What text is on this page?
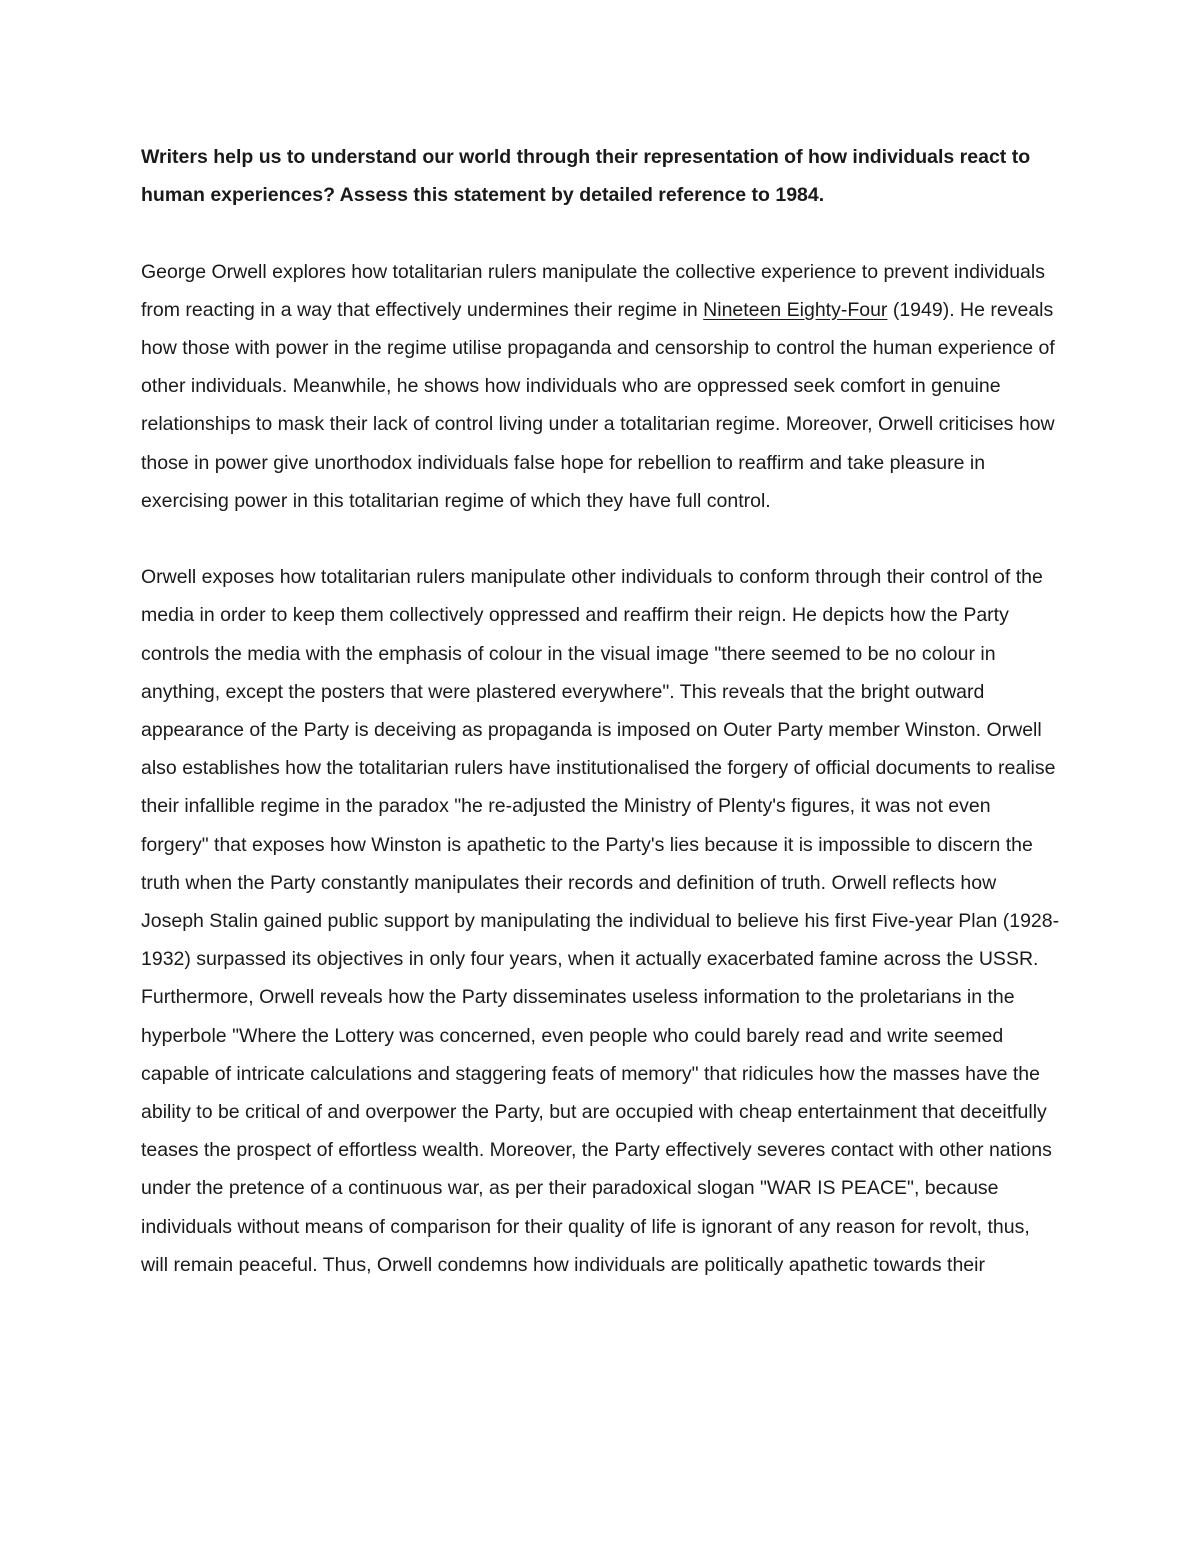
Writers help us to understand our world through their representation of how individuals react to human experiences? Assess this statement by detailed reference to 1984.

George Orwell explores how totalitarian rulers manipulate the collective experience to prevent individuals from reacting in a way that effectively undermines their regime in Nineteen Eighty-Four (1949). He reveals how those with power in the regime utilise propaganda and censorship to control the human experience of other individuals. Meanwhile, he shows how individuals who are oppressed seek comfort in genuine relationships to mask their lack of control living under a totalitarian regime. Moreover, Orwell criticises how those in power give unorthodox individuals false hope for rebellion to reaffirm and take pleasure in exercising power in this totalitarian regime of which they have full control.

Orwell exposes how totalitarian rulers manipulate other individuals to conform through their control of the media in order to keep them collectively oppressed and reaffirm their reign. He depicts how the Party controls the media with the emphasis of colour in the visual image "there seemed to be no colour in anything, except the posters that were plastered everywhere". This reveals that the bright outward appearance of the Party is deceiving as propaganda is imposed on Outer Party member Winston. Orwell also establishes how the totalitarian rulers have institutionalised the forgery of official documents to realise their infallible regime in the paradox "he re-adjusted the Ministry of Plenty's figures, it was not even forgery" that exposes how Winston is apathetic to the Party's lies because it is impossible to discern the truth when the Party constantly manipulates their records and definition of truth. Orwell reflects how Joseph Stalin gained public support by manipulating the individual to believe his first Five-year Plan (1928-1932) surpassed its objectives in only four years, when it actually exacerbated famine across the USSR. Furthermore, Orwell reveals how the Party disseminates useless information to the proletarians in the hyperbole "Where the Lottery was concerned, even people who could barely read and write seemed capable of intricate calculations and staggering feats of memory" that ridicules how the masses have the ability to be critical of and overpower the Party, but are occupied with cheap entertainment that deceitfully teases the prospect of effortless wealth. Moreover, the Party effectively severes contact with other nations under the pretence of a continuous war, as per their paradoxical slogan "WAR IS PEACE", because individuals without means of comparison for their quality of life is ignorant of any reason for revolt, thus, will remain peaceful. Thus, Orwell condemns how individuals are politically apathetic towards their
